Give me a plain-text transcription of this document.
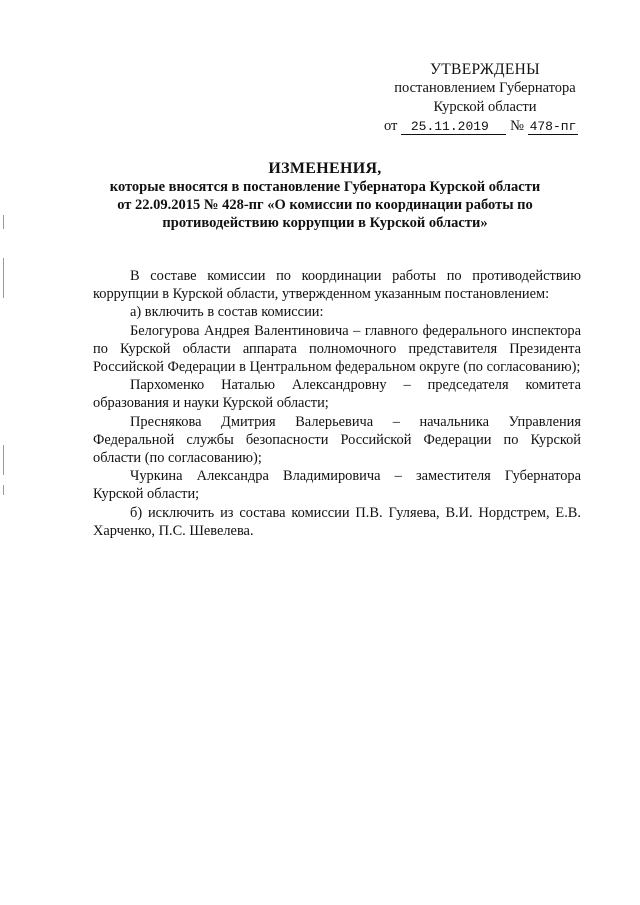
УТВЕРЖДЕНЫ
постановлением Губернатора
Курской области
от 25.11.2019 № 478-пг
ИЗМЕНЕНИЯ,
которые вносятся в постановление Губернатора Курской области
от 22.09.2015 № 428-пг «О комиссии по координации работы по
противодействию коррупции в Курской области»

В составе комиссии по координации работы по противодействию коррупции в Курской области, утвержденном указанным постановлением:

а) включить в состав комиссии:

Белогурова Андрея Валентиновича – главного федерального инспектора по Курской области аппарата полномочного представителя Президента Российской Федерации в Центральном федеральном округе (по согласованию);

Пархоменко Наталью Александровну – председателя комитета образования и науки Курской области;

Преснякова Дмитрия Валерьевича – начальника Управления Федеральной службы безопасности Российской Федерации по Курской области (по согласованию);

Чуркина Александра Владимировича – заместителя Губернатора Курской области;

б) исключить из состава комиссии П.В. Гуляева, В.И. Нордстрем, Е.В. Харченко, П.С. Шевелева.
